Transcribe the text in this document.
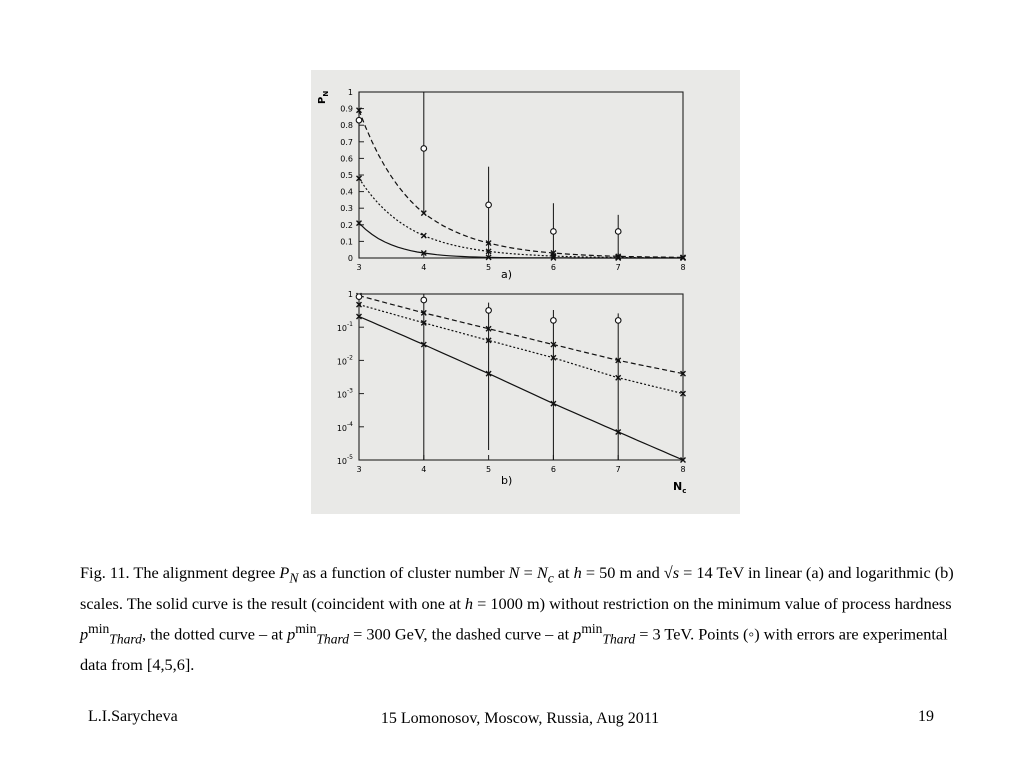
$P_N$
a)
0
0.1
0.2
0.3
0.4
0.5
0.6
0.7
0.8
0.9
1
3	4	5	6	7	8
b)	$N_c$
$10^{-5}$
$10^{-4}$
$10^{-3}$
$10^{-2}$
$10^{-1}$
1
3	4	5	6	7	8

Fig. 11. The alignment degree $P_N$ as a function of cluster number $N = N_c$ at h = 50 m and √s = 14 TeV in linear (a) and logarithmic (b) scales. The solid curve is the result (coincident with one at h = 1000 m) without restriction on the minimum value of process hardness $p^{min}_{Thard}$, the dotted curve – at $p^{min}_{Thard} = 300$ GeV, the dashed curve – at $p^{min}_{Thard} = 3$ TeV. Points (◦) with errors are experimental data from [4,5,6].

L.I.Sarycheva	15 Lomonosov, Moscow, Russia, Aug 2011	19
